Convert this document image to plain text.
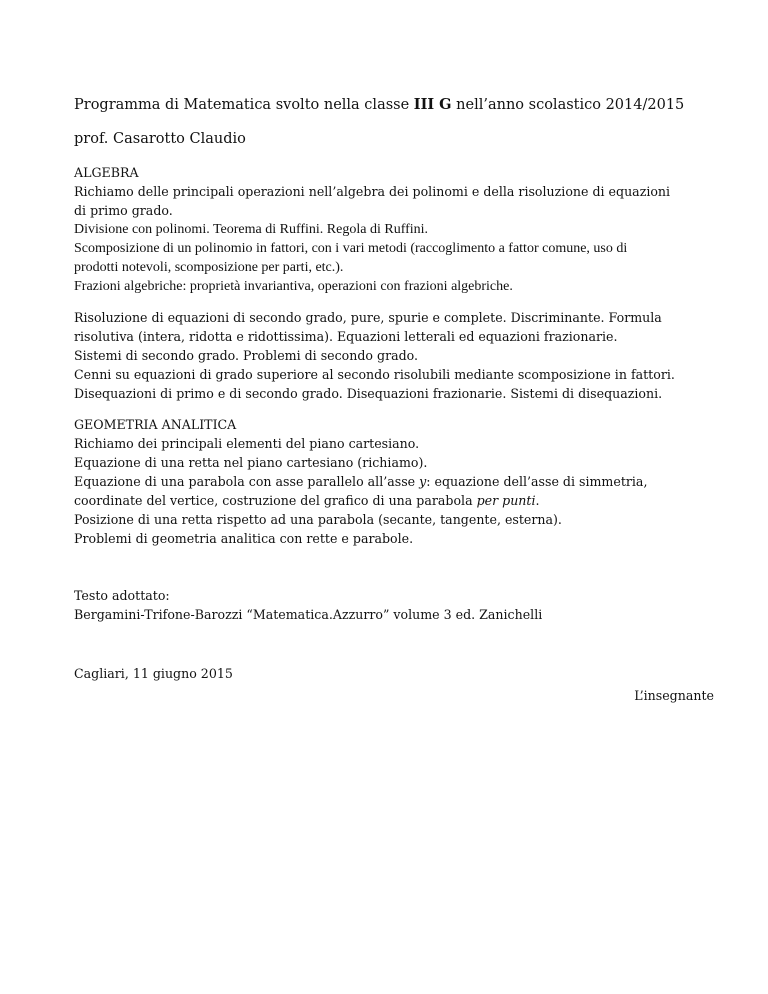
Programma di Matematica svolto nella classe III G nell’anno scolastico 2014/2015

prof. Casarotto Claudio

ALGEBRA
Richiamo delle principali operazioni nell’algebra dei polinomi e della risoluzione di equazioni
di primo grado.
Divisione con polinomi. Teorema di Ruffini. Regola di Ruffini.
Scomposizione di un polinomio in fattori, con i vari metodi (raccoglimento a fattor comune, uso di
prodotti notevoli, scomposizione per parti, etc.).
Frazioni algebriche: proprietà invariantiva, operazioni con frazioni algebriche.
Risoluzione di equazioni di secondo grado, pure, spurie e complete. Discriminante. Formula
risolutiva (intera, ridotta e ridottissima). Equazioni letterali ed equazioni frazionarie.
Sistemi di secondo grado. Problemi di secondo grado.
Cenni su equazioni di grado superiore al secondo risolubili mediante scomposizione in fattori.
Disequazioni di primo e di secondo grado. Disequazioni frazionarie. Sistemi di disequazioni.
GEOMETRIA ANALITICA
Richiamo dei principali elementi del piano cartesiano.
Equazione di una retta nel piano cartesiano (richiamo).
Equazione di una parabola con asse parallelo all’asse y: equazione dell’asse di simmetria,
coordinate del vertice, costruzione del grafico di una parabola per punti.
Posizione di una retta rispetto ad una parabola (secante, tangente, esterna).
Problemi di geometria analitica con rette e parabole.
Testo adottato:
Bergamini-Trifone-Barozzi “Matematica.Azzurro” volume 3 ed. Zanichelli
Cagliari, 11 giugno 2015
L’insegnante
